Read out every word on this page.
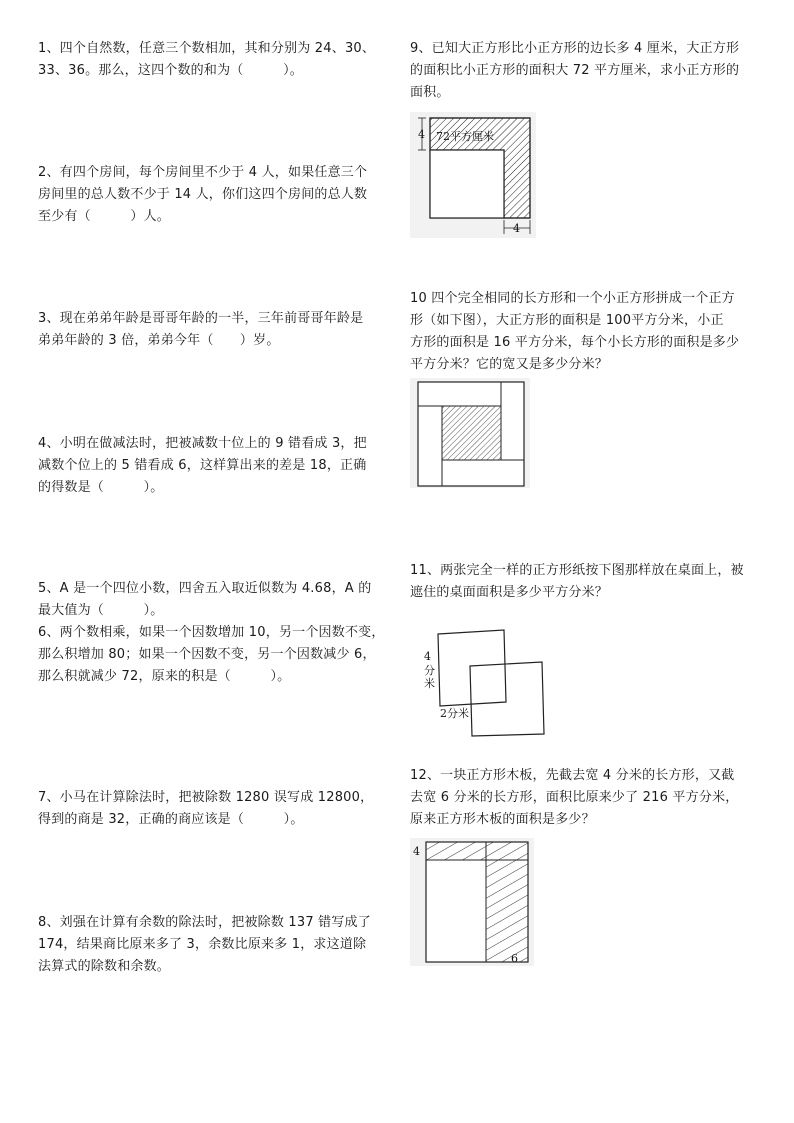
1、四个自然数，任意三个数相加，其和分别为 24、30、

33、36。那么，这四个数的和为（　　　）。

2、有四个房间，每个房间里不少于 4 人，如果任意三个

房间里的总人数不少于 14 人，你们这四个房间的总人数

至少有（　　　）人。

3、现在弟弟年龄是哥哥年龄的一半，三年前哥哥年龄是

弟弟年龄的 3 倍，弟弟今年（　　）岁。

4、小明在做减法时，把被减数十位上的 9 错看成 3，把

减数个位上的 5 错看成 6，这样算出来的差是 18，正确

的得数是（　　　）。

5、A 是一个四位小数，四舍五入取近似数为 4.68，A 的

最大值为（　　　）。

6、两个数相乘，如果一个因数增加 10，另一个因数不变，

那么积增加 80；如果一个因数不变，另一个因数减少 6，

那么积就减少 72，原来的积是（　　　）。

7、小马在计算除法时，把被除数 1280 误写成 12800，

得到的商是 32，正确的商应该是（　　　）。

8、刘强在计算有余数的除法时，把被除数 137 错写成了

174，结果商比原来多了 3，余数比原来多 1，求这道除

法算式的除数和余数。

9、已知大正方形比小正方形的边长多 4 厘米，大正方形

的面积比小正方形的面积大 72 平方厘米，求小正方形的

面积。

4 72平方厘米
4

10 四个完全相同的长方形和一个小正方形拼成一个正方

形（如下图），大正方形的面积是 100平方分米，小正

方形的面积是 16 平方分米，每个小长方形的面积是多少

平方分米？它的宽又是多少分米？

11、两张完全一样的正方形纸按下图那样放在桌面上，被

遮住的桌面面积是多少平方分米？

4
分
米
2分米

12、一块正方形木板，先截去宽 4 分米的长方形，又截

去宽 6 分米的长方形，面积比原来少了 216 平方分米，

原来正方形木板的面积是多少？

4
6
